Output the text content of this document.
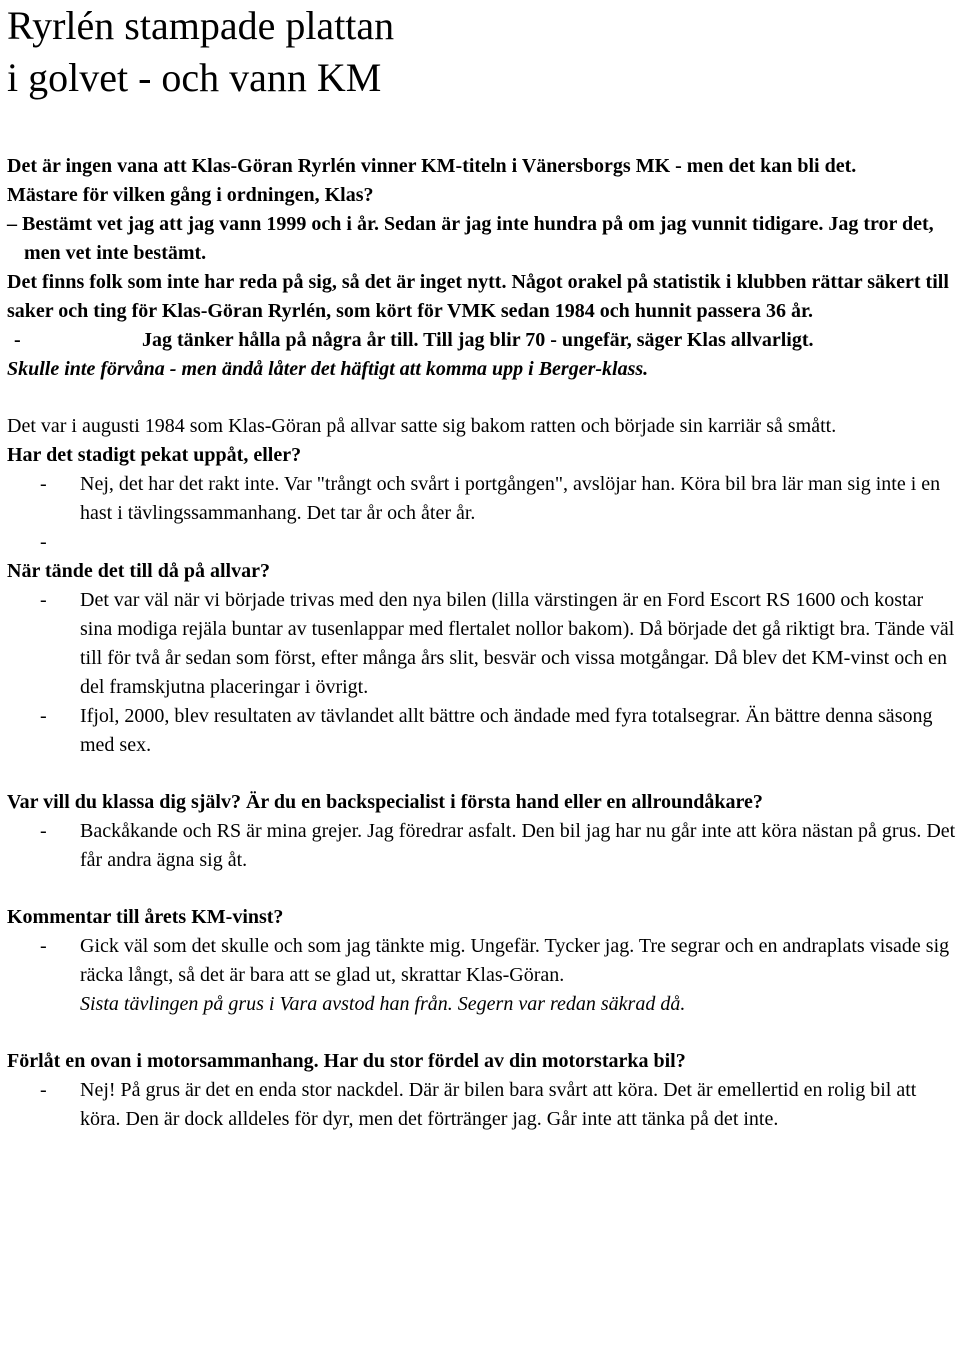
Ryrlén stampade plattan
i golvet - och vann KM

Det är ingen vana att Klas-Göran Ryrlén vinner KM-titeln i Vänersborgs MK - men det kan bli det.

Mästare för vilken gång i ordningen, Klas?

– Bestämt vet jag att jag vann 1999 och i år. Sedan är jag inte hundra på om jag vunnit tidigare. Jag tror det, men vet inte bestämt.

Det finns folk som inte har reda på sig, så det är inget nytt. Något orakel på statistik i klubben rättar säkert till saker och ting för Klas-Göran Ryrlén, som kört för VMK sedan 1984 och hunnit passera 36 år.

-	Jag tänker hålla på några år till. Till jag blir 70 - ungefär, säger Klas allvarligt.

Skulle inte förvåna - men ändå låter det häftigt att komma upp i Berger-klass.

Det var i augusti 1984 som Klas-Göran på allvar satte sig bakom ratten och började sin karriär så smått.

Har det stadigt pekat uppåt, eller?

- Nej, det har det rakt inte. Var "trångt och svårt i portgången", avslöjar han. Köra bil bra lär man sig inte i en hast i tävlingssammanhang. Det tar år och åter år.
-

När tände det till då på allvar?

- Det var väl när vi började trivas med den nya bilen (lilla värstingen är en Ford Escort RS 1600 och kostar sina modiga rejäla buntar av tusenlappar med flertalet nollor bakom). Då började det gå riktigt bra. Tände väl till för två år sedan som först, efter många års slit, besvär och vissa motgångar. Då blev det KM-vinst och en del framskjutna placeringar i övrigt.
- Ifjol, 2000, blev resultaten av tävlandet allt bättre och ändade med fyra totalsegrar. Än bättre denna säsong med sex.

Var vill du klassa dig själv? Är du en backspecialist i första hand eller en allroundåkare?

- Backåkande och RS är mina grejer. Jag föredrar asfalt. Den bil jag har nu går inte att köra nästan på grus. Det får andra ägna sig åt.

Kommentar till årets KM-vinst?

- Gick väl som det skulle och som jag tänkte mig. Ungefär. Tycker jag. Tre segrar och en andraplats visade sig räcka långt, så det är bara att se glad ut, skrattar Klas-Göran.
Sista tävlingen på grus i Vara avstod han från. Segern var redan säkrad då.

Förlåt en ovan i motorsammanhang. Har du stor fördel av din motorstarka bil?

- Nej! På grus är det en enda stor nackdel. Där är bilen bara svårt att köra. Det är emellertid en rolig bil att köra. Den är dock alldeles för dyr, men det förtränger jag. Går inte att tänka på det inte.
